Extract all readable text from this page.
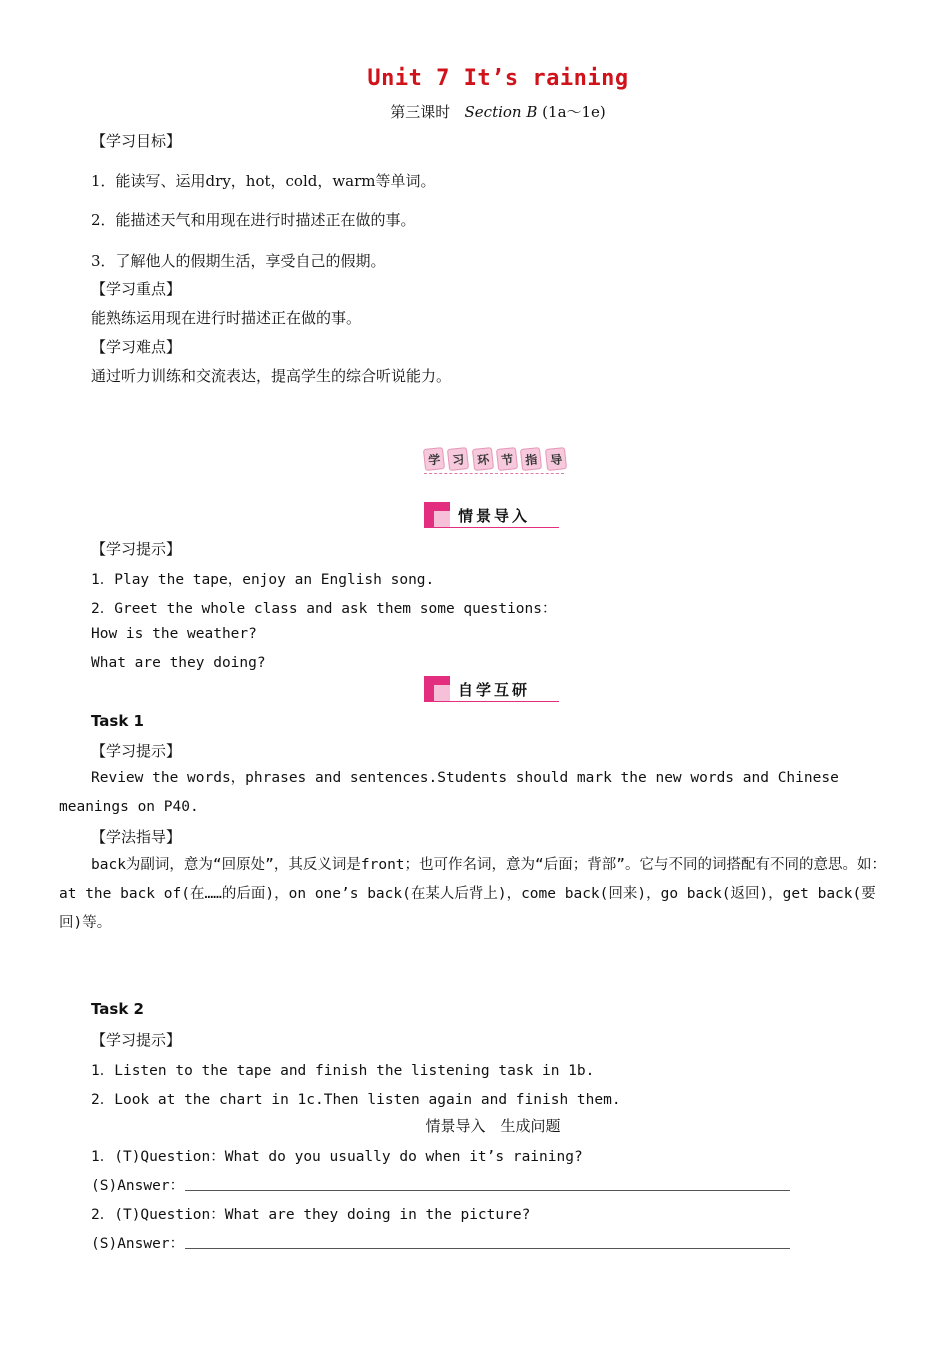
Unit 7 It’s raining
第三课时 Section B (1a～1e)
【学习目标】
1．能读写、运用dry，hot，cold，warm等单词。
2．能描述天气和用现在进行时描述正在做的事。
3．了解他人的假期生活，享受自己的假期。
【学习重点】
能熟练运用现在进行时描述正在做的事。
【学习难点】
通过听力训练和交流表达，提高学生的综合听说能力。
学 习 环 节 指 导
情景导入
【学习提示】
1．Play the tape，enjoy an English song.
2．Greet the whole class and ask them some questions：
How is the weather?
What are they doing?
自学互研
Task 1
【学习提示】
Review the words，phrases and sentences.Students should mark the new words and Chinese meanings on P40.
【学法指导】
back为副词，意为“回原处”，其反义词是front；也可作名词，意为“后面；背部”。它与不同的词搭配有不同的意思。如：at the back of(在……的后面)，on one’s back(在某人后背上)，come back(回来)，go back(返回)，get back(要回)等。
Task 2
【学习提示】
1．Listen to the tape and finish the listening task in 1b.
2．Look at the chart in 1c.Then listen again and finish them.
情景导入　生成问题
1．(T)Question：What do you usually do when it’s raining?
(S)Answer：
2．(T)Question：What are they doing in the picture?
(S)Answer：
